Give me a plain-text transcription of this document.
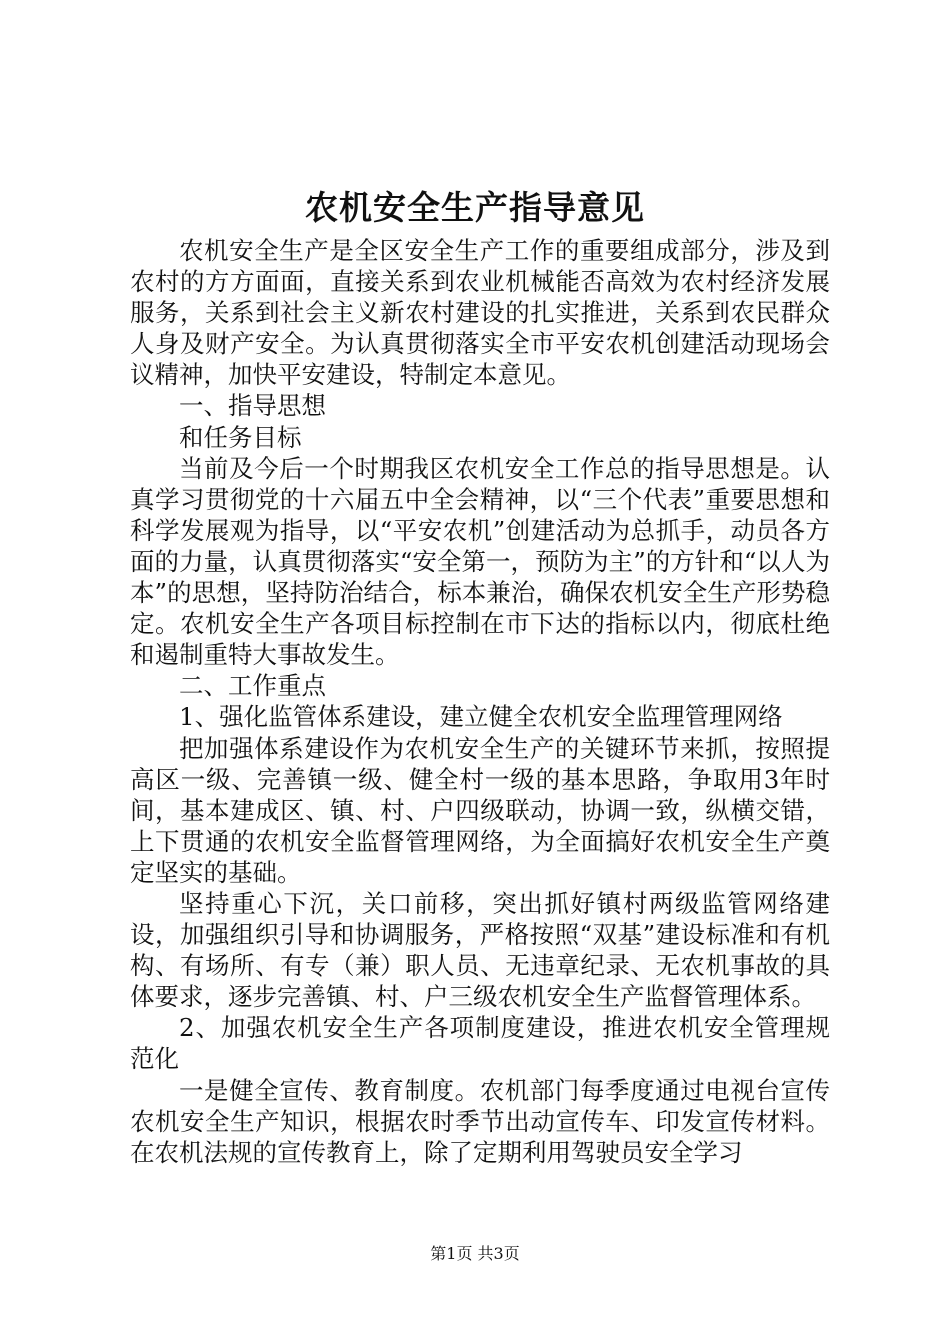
农机安全生产指导意见

农机安全生产是全区安全生产工作的重要组成部分，涉及到农村的方方面面，直接关系到农业机械能否高效为农村经济发展服务，关系到社会主义新农村建设的扎实推进，关系到农民群众人身及财产安全。为认真贯彻落实全市平安农机创建活动现场会议精神，加快平安建设，特制定本意见。

一、指导思想

和任务目标

当前及今后一个时期我区农机安全工作总的指导思想是。认真学习贯彻党的十六届五中全会精神，以“三个代表”重要思想和科学发展观为指导，以“平安农机”创建活动为总抓手，动员各方面的力量，认真贯彻落实“安全第一，预防为主”的方针和“以人为本”的思想，坚持防治结合，标本兼治，确保农机安全生产形势稳定。农机安全生产各项目标控制在市下达的指标以内，彻底杜绝和遏制重特大事故发生。

二、工作重点

1、强化监管体系建设，建立健全农机安全监理管理网络

把加强体系建设作为农机安全生产的关键环节来抓，按照提高区一级、完善镇一级、健全村一级的基本思路，争取用3年时间，基本建成区、镇、村、户四级联动，协调一致，纵横交错，上下贯通的农机安全监督管理网络，为全面搞好农机安全生产奠定坚实的基础。

坚持重心下沉，关口前移，突出抓好镇村两级监管网络建设，加强组织引导和协调服务，严格按照“双基”建设标准和有机构、有场所、有专（兼）职人员、无违章纪录、无农机事故的具体要求，逐步完善镇、村、户三级农机安全生产监督管理体系。

2、加强农机安全生产各项制度建设，推进农机安全管理规范化

一是健全宣传、教育制度。农机部门每季度通过电视台宣传农机安全生产知识，根据农时季节出动宣传车、印发宣传材料。在农机法规的宣传教育上，除了定期利用驾驶员安全学习

第1页 共3页
